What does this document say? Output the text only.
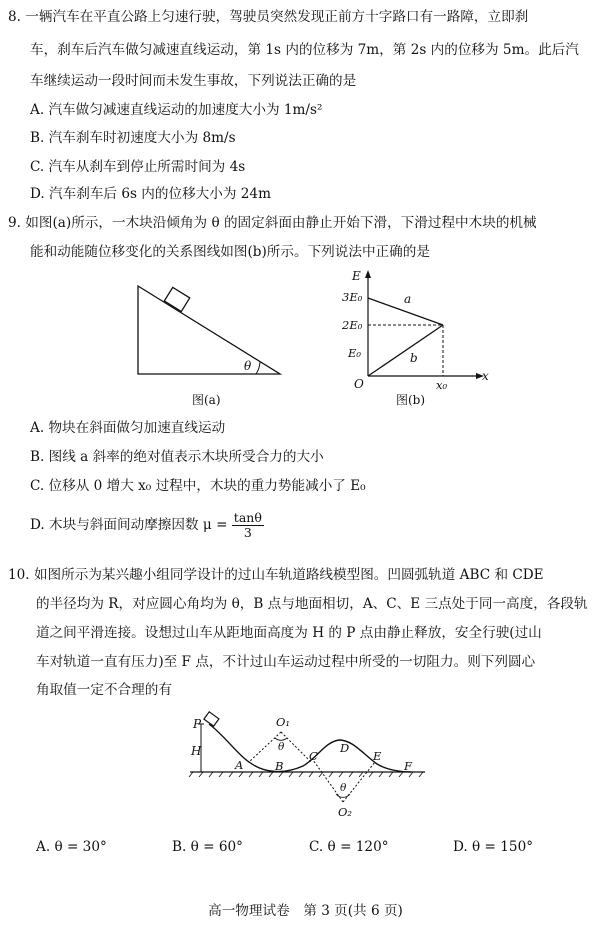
8. 一辆汽车在平直公路上匀速行驶，驾驶员突然发现正前方十字路口有一路障，立即刹
车，刹车后汽车做匀减速直线运动，第 1s 内的位移为 7m，第 2s 内的位移为 5m。此后汽
车继续运动一段时间而未发生事故，下列说法正确的是
A. 汽车做匀减速直线运动的加速度大小为 1m/s²
B. 汽车刹车时初速度大小为 8m/s
C. 汽车从刹车到停止所需时间为 4s
D. 汽车刹车后 6s 内的位移大小为 24m
9. 如图(a)所示，一木块沿倾角为 θ 的固定斜面由静止开始下滑，下滑过程中木块的机械
能和动能随位移变化的关系图线如图(b)所示。下列说法中正确的是
θ
图(a)
E
x
O
3E₀
2E₀
E₀
a
b
x₀
图(b)
A. 物块在斜面做匀加速直线运动
B. 图线 a 斜率的绝对值表示木块所受合力的大小
C. 位移从 0 增大 x₀ 过程中，木块的重力势能减小了 E₀
D. 木块与斜面间动摩擦因数 $\mu = \frac{\tan\theta}{3}$
10. 如图所示为某兴趣小组同学设计的过山车轨道路线模型图。凹圆弧轨道 ABC 和 CDE
的半径均为 R，对应圆心角均为 θ，B 点与地面相切，A、C、E 三点处于同一高度，各段轨
道之间平滑连接。设想过山车从距地面高度为 H 的 P 点由静止释放，安全行驶(过山
车对轨道一直有压力)至 F 点，不计过山车运动过程中所受的一切阻力。则下列圆心
角取值一定不合理的有
P
H
A	B
C
D
E
F
O₁
θ
θ
O₂
A. θ = 30°	B. θ = 60°	C. θ = 120°	D. θ = 150°
高一物理试卷　第 3 页(共 6 页)
